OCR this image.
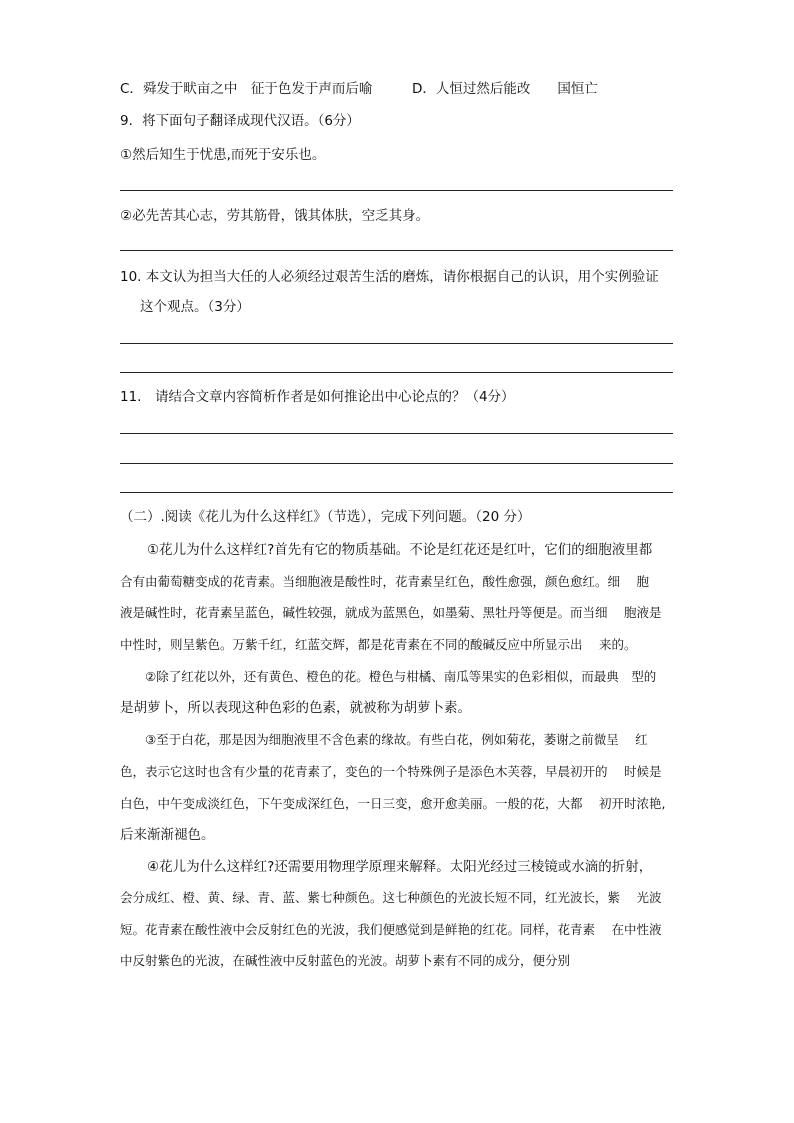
C．舜发于畎亩之中　征于色发于声而后喻	D．人恒过然后能改　　国恒亡
9．将下面句子翻译成现代汉语。（6分）
①然后知生于忧患,而死于安乐也。
②必先苦其心志，劳其筋骨，饿其体肤，空乏其身。
10. 本文认为担当大任的人必须经过艰苦生活的磨炼，请你根据自己的认识，用个实例验证
这个观点。（3分）
11.　请结合文章内容简析作者是如何推论出中心论点的？（4分）
（二）.阅读《花儿为什么这样红》（节选），完成下列问题。（20 分）
　　①花儿为什么这样红?首先有它的物质基础。不论是红花还是红叶，它们的细胞液里都
合有由葡萄糖变成的花青素。当细胞液是酸性时，花青素呈红色，酸性愈强，颜色愈红。细　 胞
液是碱性时，花青素呈蓝色，碱性较强，就成为蓝黑色，如墨菊、黑牡丹等便是。而当细　 胞液是
中性时，则呈紫色。万紫千红，红蓝交辉，都是花青素在不同的酸碱反应中所显示出　 来的。
　　②除了红花以外，还有黄色、橙色的花。橙色与柑橘、南瓜等果实的色彩相似，而最典　型的
是胡萝卜，所以表现这种色彩的色素，就被称为胡萝卜素。
　　③至于白花，那是因为细胞液里不含色素的缘故。有些白花，例如菊花，萎谢之前微呈　 红
色，表示它这时也含有少量的花青素了，变色的一个特殊例子是添色木芙蓉，早晨初开的　 时候是
白色，中午变成淡红色，下午变成深红色，一日三变，愈开愈美丽。一般的花，大都　 初开时浓艳,
后来渐渐褪色。
　　④花儿为什么这样红?还需要用物理学原理来解释。太阳光经过三棱镜或水滴的折射，
会分成红、橙、黄、绿、青、蓝、紫七种颜色。这七种颜色的光波长短不同，红光波长，紫　 光波
短。花青素在酸性液中会反射红色的光波，我们便感觉到是鲜艳的红花。同样，花青素　 在中性液
中反射紫色的光波，在碱性液中反射蓝色的光波。胡萝卜素有不同的成分，便分别
